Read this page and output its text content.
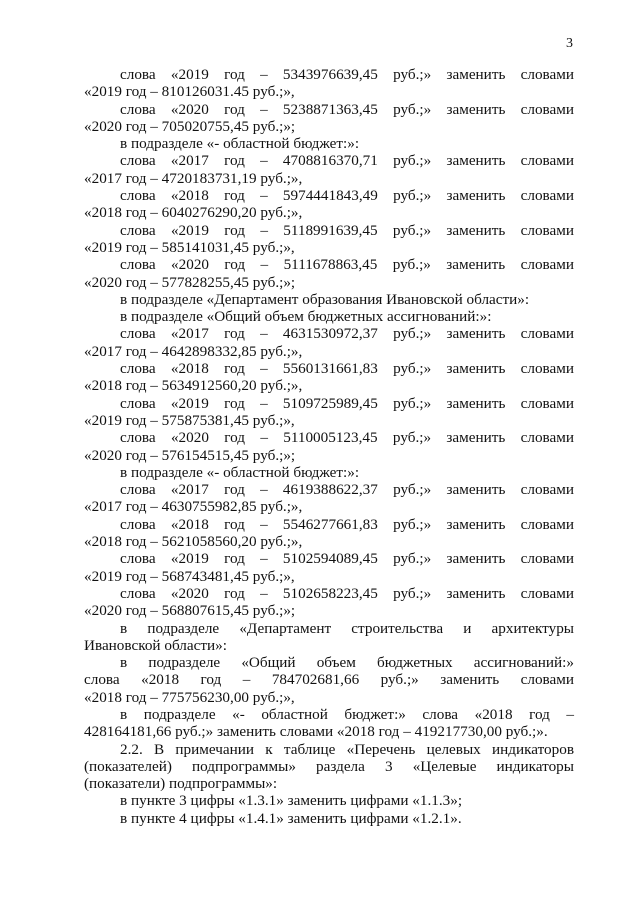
3
слова «2019 год – 5343976639,45 руб.;» заменить словами
«2019 год – 810126031.45 руб.;»,
слова «2020 год – 5238871363,45 руб.;» заменить словами
«2020 год – 705020755,45 руб.;»;
в подразделе «- областной бюджет:»:
слова «2017 год – 4708816370,71 руб.;» заменить словами
«2017 год – 4720183731,19 руб.;»,
слова «2018 год – 5974441843,49 руб.;» заменить словами
«2018 год – 6040276290,20 руб.;»,
слова «2019 год – 5118991639,45 руб.;» заменить словами
«2019 год – 585141031,45 руб.;»,
слова «2020 год – 5111678863,45 руб.;» заменить словами
«2020 год – 577828255,45 руб.;»;
в подразделе «Департамент образования Ивановской области»:
в подразделе «Общий объем бюджетных ассигнований:»:
слова «2017 год – 4631530972,37 руб.;» заменить словами
«2017 год – 4642898332,85 руб.;»,
слова «2018 год – 5560131661,83 руб.;» заменить словами
«2018 год – 5634912560,20 руб.;»,
слова «2019 год – 5109725989,45 руб.;» заменить словами
«2019 год – 575875381,45 руб.;»,
слова «2020 год – 5110005123,45 руб.;» заменить словами
«2020 год – 576154515,45 руб.;»;
в подразделе «- областной бюджет:»:
слова «2017 год – 4619388622,37 руб.;» заменить словами
«2017 год – 4630755982,85 руб.;»,
слова «2018 год – 5546277661,83 руб.;» заменить словами
«2018 год – 5621058560,20 руб.;»,
слова «2019 год – 5102594089,45 руб.;» заменить словами
«2019 год – 568743481,45 руб.;»,
слова «2020 год – 5102658223,45 руб.;» заменить словами
«2020 год – 568807615,45 руб.;»;
в подразделе «Департамент строительства и архитектуры
Ивановской области»:
в подразделе «Общий объем бюджетных ассигнований:»
слова «2018 год – 784702681,66 руб.;» заменить словами
«2018 год – 775756230,00 руб.;»,
в подразделе «- областной бюджет:» слова «2018 год –
428164181,66 руб.;» заменить словами «2018 год – 419217730,00 руб.;».
2.2. В примечании к таблице «Перечень целевых индикаторов
(показателей) подпрограммы» раздела 3 «Целевые индикаторы
(показатели) подпрограммы»:
в пункте 3 цифры «1.3.1» заменить цифрами «1.1.3»;
в пункте 4 цифры «1.4.1» заменить цифрами «1.2.1».
